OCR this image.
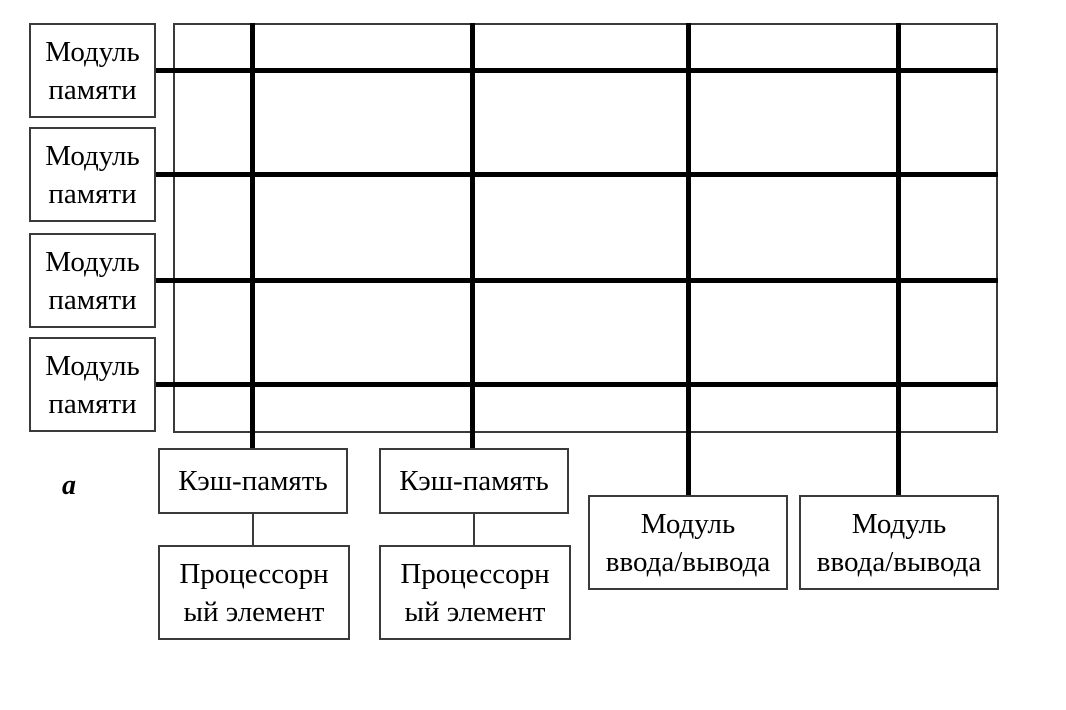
Модуль
памяти
Модуль
памяти
Модуль
памяти
Модуль
памяти
Кэш-память Кэш-память
Процессорн
ый элемент
Процессорн
ый элемент
Модуль
ввода/вывода
Модуль
ввода/вывода
а
